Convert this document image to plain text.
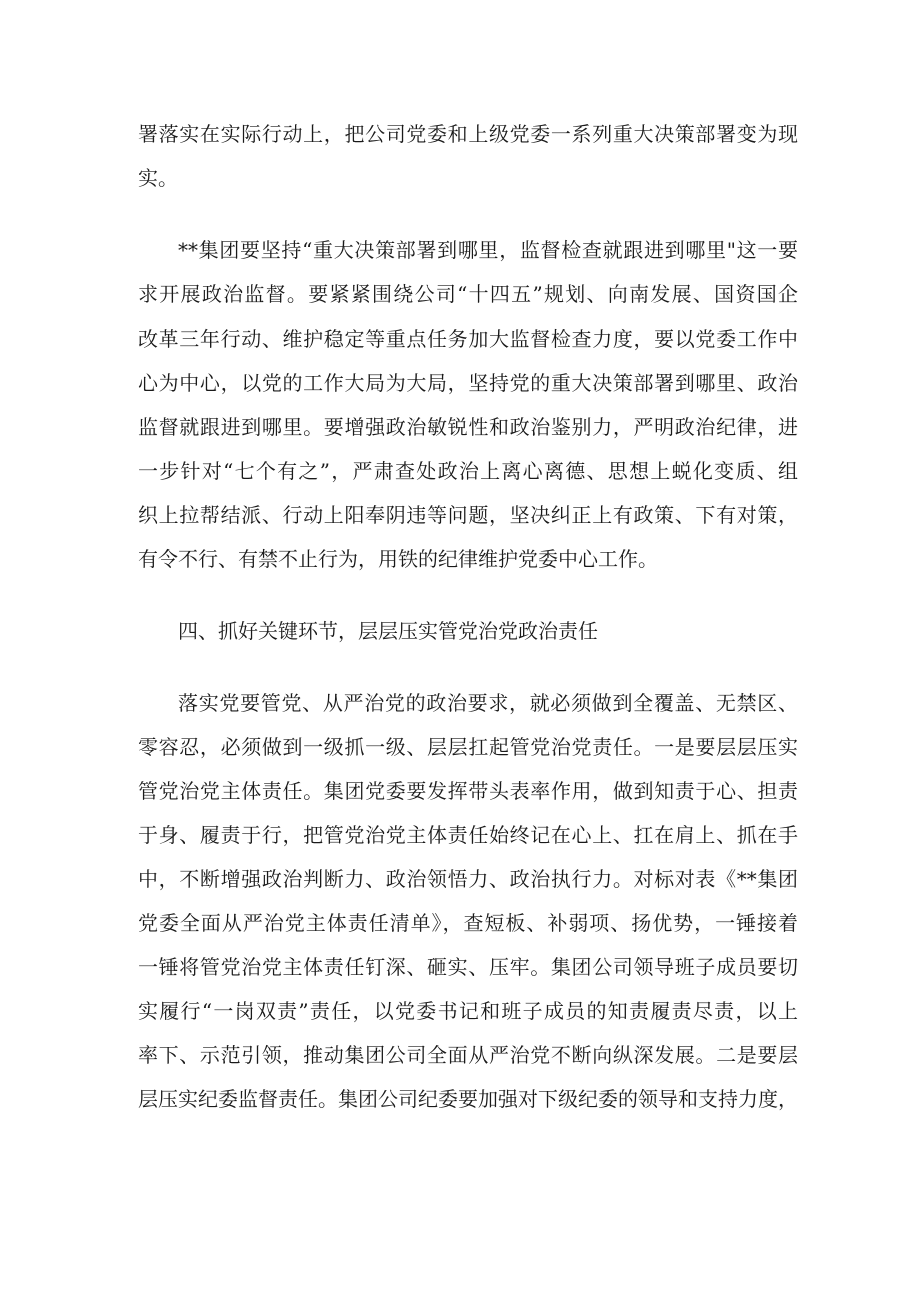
署落实在实际行动上，把公司党委和上级党委一系列重大决策部署变为现
实。
**集团要坚持“重大决策部署到哪里，监督检查就跟进到哪里"这一要
求开展政治监督。要紧紧围绕公司“十四五”规划、向南发展、国资国企
改革三年行动、维护稳定等重点任务加大监督检查力度，要以党委工作中
心为中心，以党的工作大局为大局，坚持党的重大决策部署到哪里、政治
监督就跟进到哪里。要增强政治敏锐性和政治鉴别力，严明政治纪律，进
一步针对“七个有之”，严肃查处政治上离心离德、思想上蜕化变质、组
织上拉帮结派、行动上阳奉阴违等问题，坚决纠正上有政策、下有对策，
有令不行、有禁不止行为，用铁的纪律维护党委中心工作。
四、抓好关键环节，层层压实管党治党政治责任
落实党要管党、从严治党的政治要求，就必须做到全覆盖、无禁区、
零容忍，必须做到一级抓一级、层层扛起管党治党责任。一是要层层压实
管党治党主体责任。集团党委要发挥带头表率作用，做到知责于心、担责
于身、履责于行，把管党治党主体责任始终记在心上、扛在肩上、抓在手
中，不断增强政治判断力、政治领悟力、政治执行力。对标对表《**集团
党委全面从严治党主体责任清单》，查短板、补弱项、扬优势，一锤接着
一锤将管党治党主体责任钉深、砸实、压牢。集团公司领导班子成员要切
实履行“一岗双责”责任，以党委书记和班子成员的知责履责尽责，以上
率下、示范引领，推动集团公司全面从严治党不断向纵深发展。二是要层
层压实纪委监督责任。集团公司纪委要加强对下级纪委的领导和支持力度，
